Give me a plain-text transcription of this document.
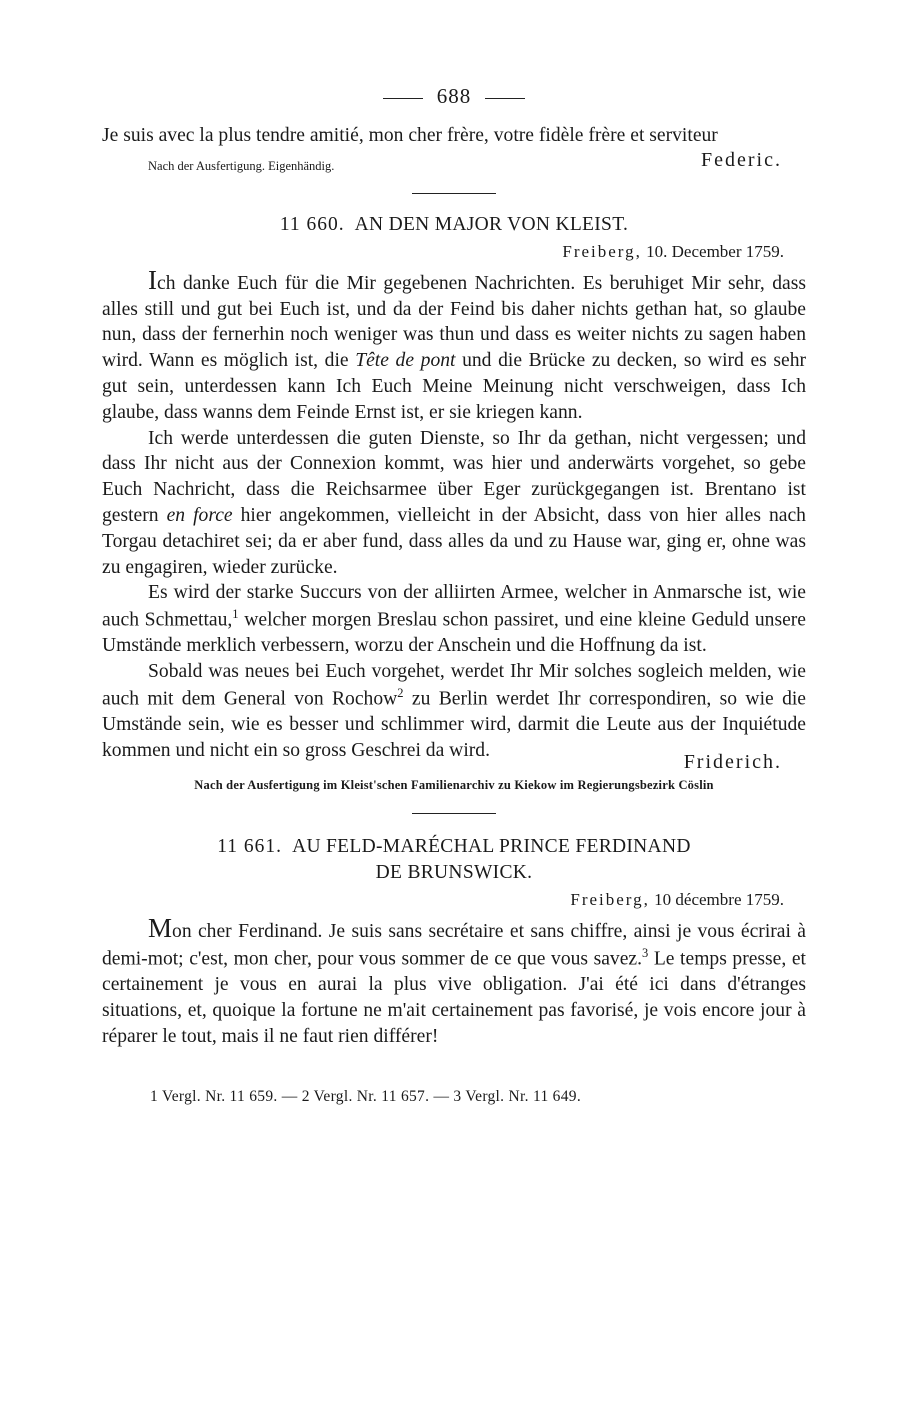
688

Je suis avec la plus tendre amitié, mon cher frère, votre fidèle frère et serviteur

Nach der Ausfertigung. Eigenhändig.	Federic.
11 660. AN DEN MAJOR VON KLEIST.
Freiberg, 10. December 1759.

Ich danke Euch für die Mir gegebenen Nachrichten. Es beruhiget Mir sehr, dass alles still und gut bei Euch ist, und da der Feind bis daher nichts gethan hat, so glaube nun, dass der fernerhin noch weniger was thun und dass es weiter nichts zu sagen haben wird. Wann es möglich ist, die Tête de pont und die Brücke zu decken, so wird es sehr gut sein, unterdessen kann Ich Euch Meine Meinung nicht verschweigen, dass Ich glaube, dass wanns dem Feinde Ernst ist, er sie kriegen kann.

Ich werde unterdessen die guten Dienste, so Ihr da gethan, nicht vergessen; und dass Ihr nicht aus der Connexion kommt, was hier und anderwärts vorgehet, so gebe Euch Nachricht, dass die Reichsarmee über Eger zurückgegangen ist. Brentano ist gestern en force hier angekommen, vielleicht in der Absicht, dass von hier alles nach Torgau detachiret sei; da er aber fund, dass alles da und zu Hause war, ging er, ohne was zu engagiren, wieder zurücke.

Es wird der starke Succurs von der alliirten Armee, welcher in Anmarsche ist, wie auch Schmettau,$^1$ welcher morgen Breslau schon passiret, und eine kleine Geduld unsere Umstände merklich verbessern, worzu der Anschein und die Hoffnung da ist.

Sobald was neues bei Euch vorgehet, werdet Ihr Mir solches sogleich melden, wie auch mit dem General von Rochow$^2$ zu Berlin werdet Ihr correspondiren, so wie die Umstände sein, wie es besser und schlimmer wird, darmit die Leute aus der Inquiétude kommen und nicht ein so gross Geschrei da wird.
Friderich.

Nach der Ausfertigung im Kleist'schen Familienarchiv zu Kiekow im Regierungsbezirk Cöslin
11 661. AU FELD-MARÉCHAL PRINCE FERDINAND
DE BRUNSWICK.
Freiberg, 10 décembre 1759.

Mon cher Ferdinand. Je suis sans secrétaire et sans chiffre, ainsi je vous écrirai à demi-mot; c'est, mon cher, pour vous sommer de ce que vous savez.$^3$ Le temps presse, et certainement je vous en aurai la plus vive obligation. J'ai été ici dans d'étranges situations, et, quoique la fortune ne m'ait certainement pas favorisé, je vois encore jour à réparer le tout, mais il ne faut rien différer!

1 Vergl. Nr. 11 659. — 2 Vergl. Nr. 11 657. — 3 Vergl. Nr. 11 649.
